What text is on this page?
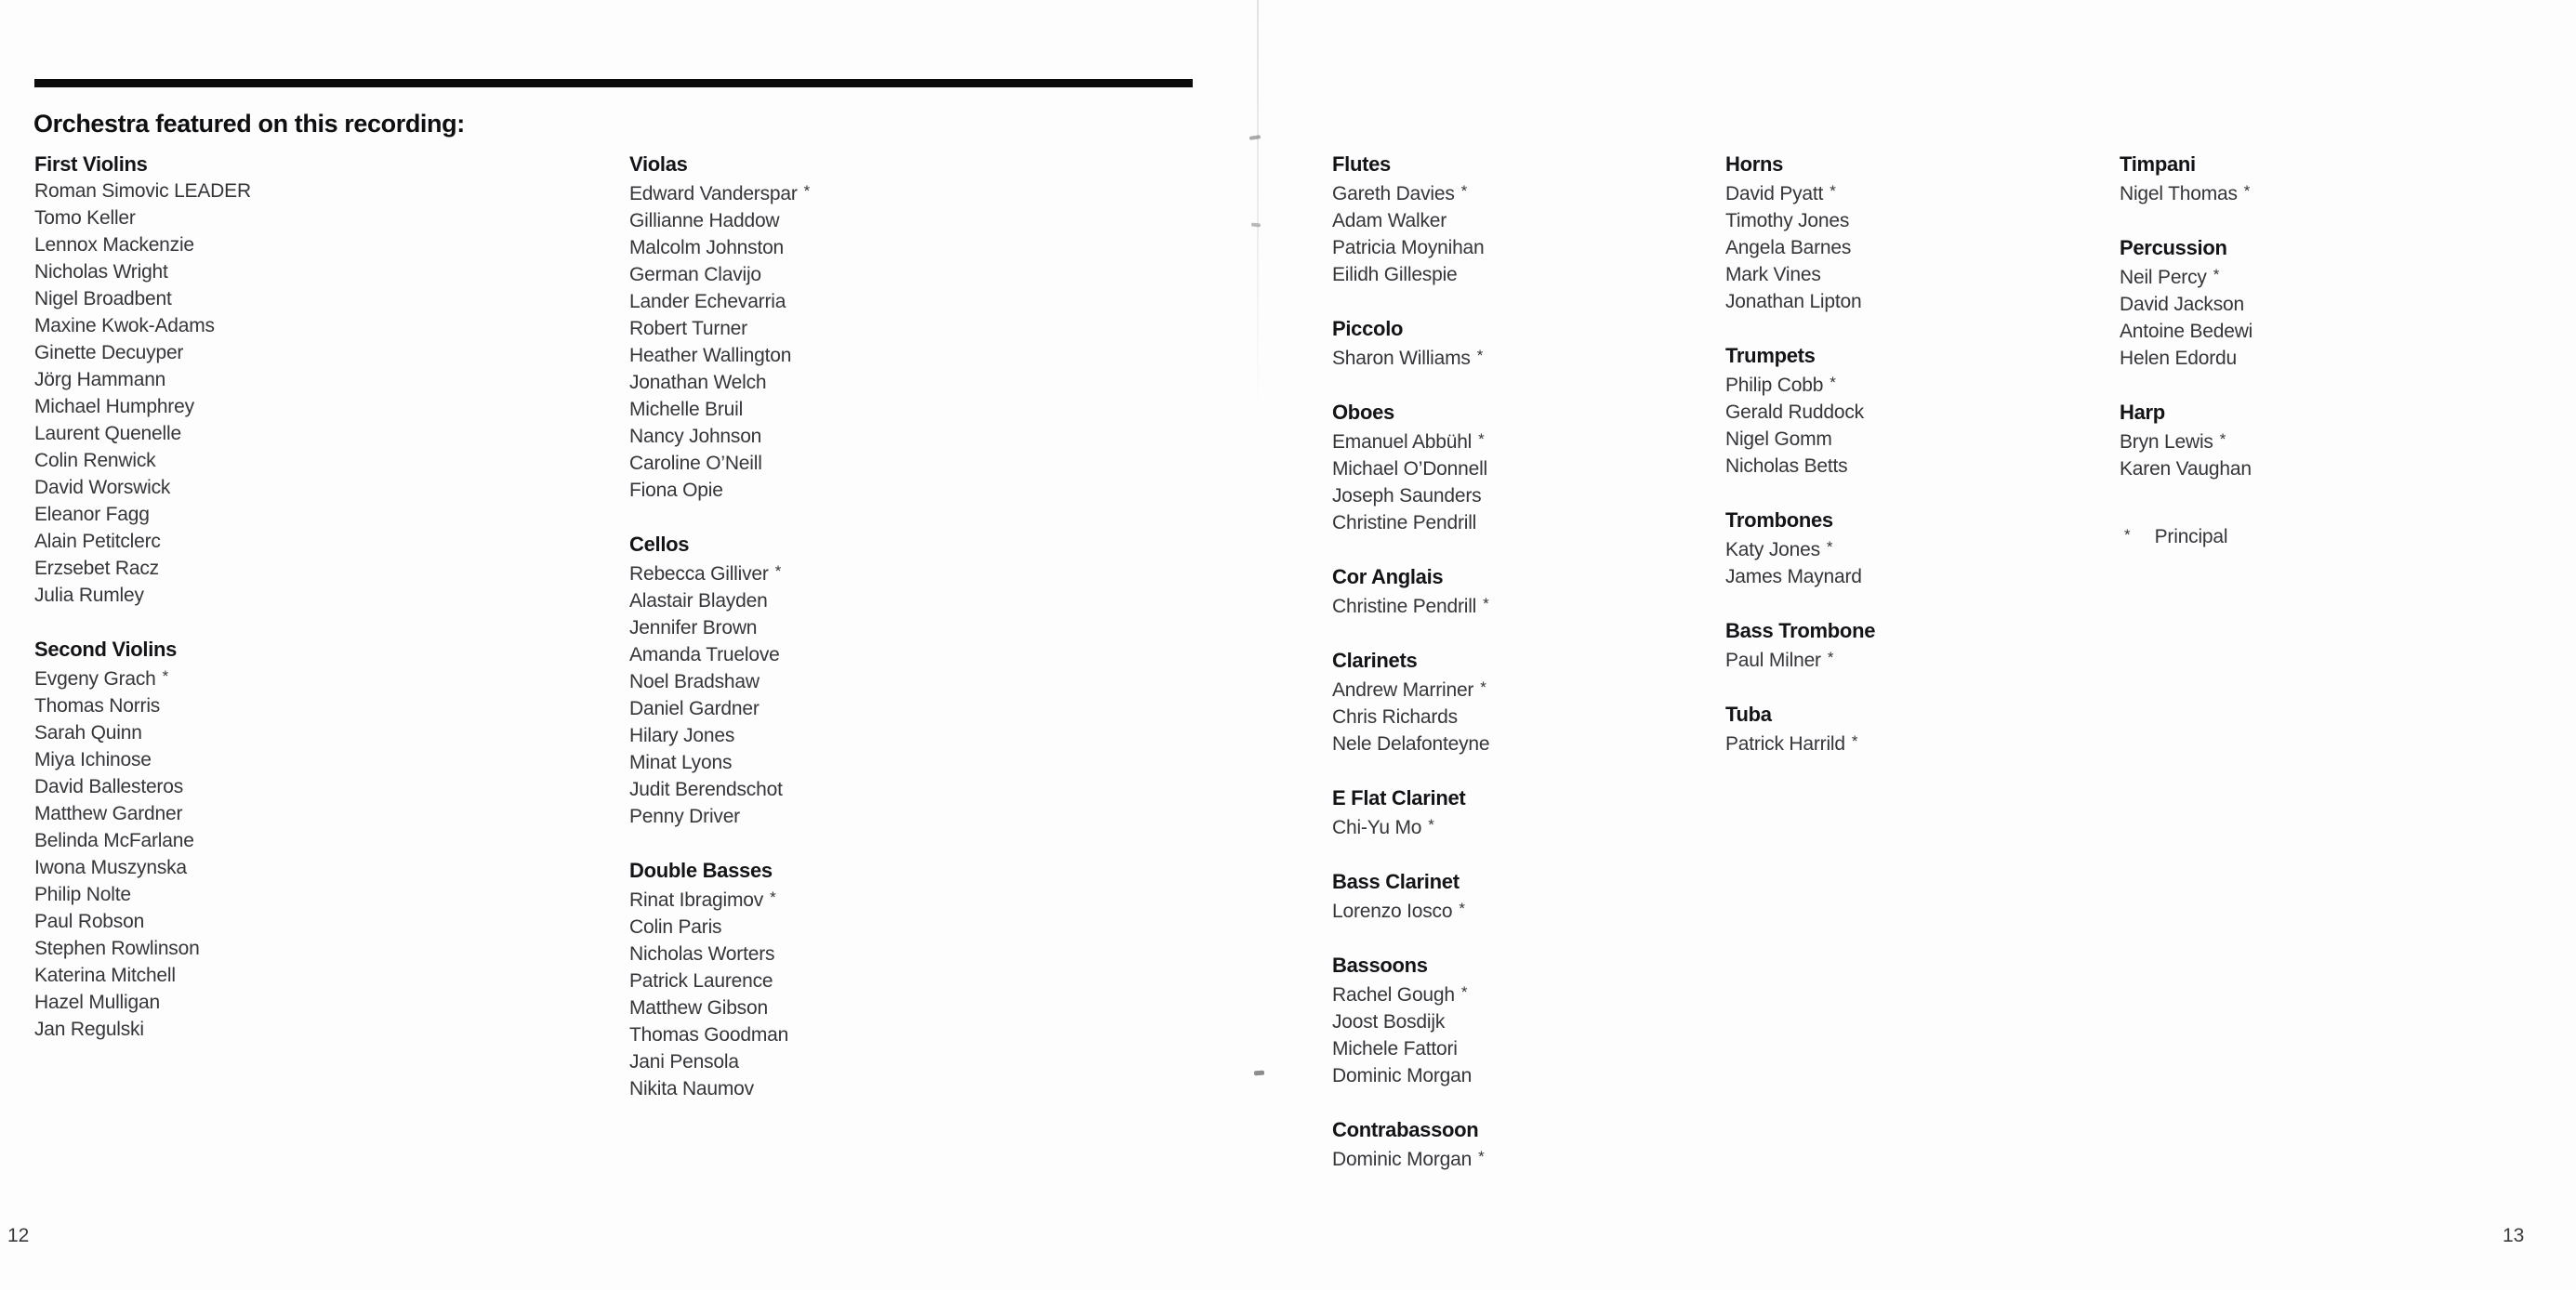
Orchestra featured on this recording:
First Violins
Roman Simovic LEADER
Tomo Keller
Lennox Mackenzie
Nicholas Wright
Nigel Broadbent
Maxine Kwok-Adams
Ginette Decuyper
Jörg Hammann
Michael Humphrey
Laurent Quenelle
Colin Renwick
David Worswick
Eleanor Fagg
Alain Petitclerc
Erzsebet Racz
Julia Rumley
Second Violins
Evgeny Grach *
Thomas Norris
Sarah Quinn
Miya Ichinose
David Ballesteros
Matthew Gardner
Belinda McFarlane
Iwona Muszynska
Philip Nolte
Paul Robson
Stephen Rowlinson
Katerina Mitchell
Hazel Mulligan
Jan Regulski
Violas
Edward Vanderspar *
Gillianne Haddow
Malcolm Johnston
German Clavijo
Lander Echevarria
Robert Turner
Heather Wallington
Jonathan Welch
Michelle Bruil
Nancy Johnson
Caroline O’Neill
Fiona Opie
Cellos
Rebecca Gilliver *
Alastair Blayden
Jennifer Brown
Amanda Truelove
Noel Bradshaw
Daniel Gardner
Hilary Jones
Minat Lyons
Judit Berendschot
Penny Driver
Double Basses
Rinat Ibragimov *
Colin Paris
Nicholas Worters
Patrick Laurence
Matthew Gibson
Thomas Goodman
Jani Pensola
Nikita Naumov
Flutes
Gareth Davies *
Adam Walker
Patricia Moynihan
Eilidh Gillespie
Piccolo
Sharon Williams *
Oboes
Emanuel Abbühl *
Michael O’Donnell
Joseph Saunders
Christine Pendrill
Cor Anglais
Christine Pendrill *
Clarinets
Andrew Marriner *
Chris Richards
Nele Delafonteyne
E Flat Clarinet
Chi-Yu Mo *
Bass Clarinet
Lorenzo Iosco *
Bassoons
Rachel Gough *
Joost Bosdijk
Michele Fattori
Dominic Morgan
Contrabassoon
Dominic Morgan *
Horns
David Pyatt *
Timothy Jones
Angela Barnes
Mark Vines
Jonathan Lipton
Trumpets
Philip Cobb *
Gerald Ruddock
Nigel Gomm
Nicholas Betts
Trombones
Katy Jones *
James Maynard
Bass Trombone
Paul Milner *
Tuba
Patrick Harrild *
Timpani
Nigel Thomas *
Percussion
Neil Percy *
David Jackson
Antoine Bedewi
Helen Edordu
Harp
Bryn Lewis *
Karen Vaughan
* Principal
12	13
